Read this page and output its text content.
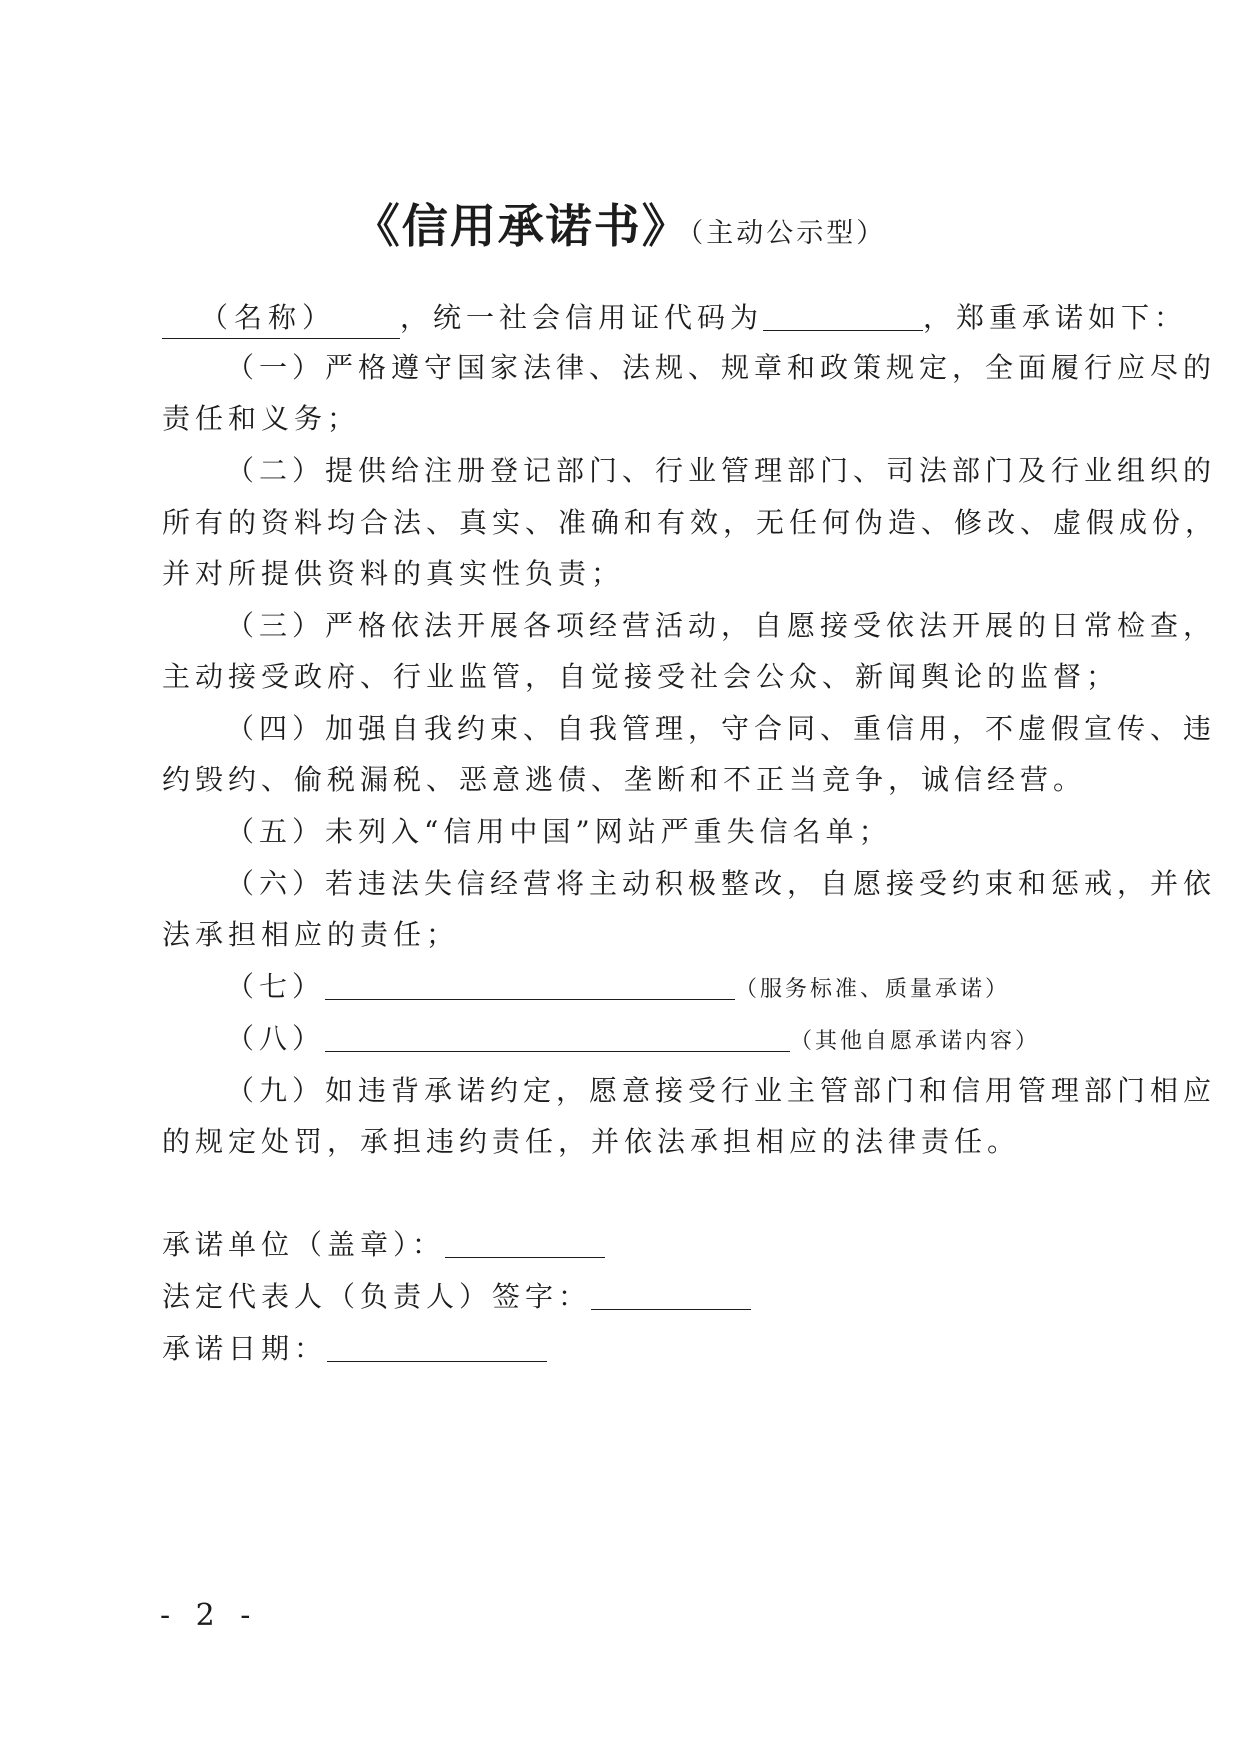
《信用承诺书》（主动公示型）
（名称） ，统一社会信用证代码为	，郑重承诺如下：
（一）严格遵守国家法律、法规、规章和政策规定，全面履行应尽的
责任和义务；
（二）提供给注册登记部门、行业管理部门、司法部门及行业组织的
所有的资料均合法、真实、准确和有效，无任何伪造、修改、虚假成份，
并对所提供资料的真实性负责；
（三）严格依法开展各项经营活动，自愿接受依法开展的日常检查，
主动接受政府、行业监管，自觉接受社会公众、新闻舆论的监督；
（四）加强自我约束、自我管理，守合同、重信用，不虚假宣传、违
约毁约、偷税漏税、恶意逃债、垄断和不正当竞争，诚信经营。
（五）未列入“信用中国”网站严重失信名单；
（六）若违法失信经营将主动积极整改，自愿接受约束和惩戒，并依
法承担相应的责任；
（七）	（服务标准、质量承诺）
（八）	（其他自愿承诺内容）
（九）如违背承诺约定，愿意接受行业主管部门和信用管理部门相应
的规定处罚，承担违约责任，并依法承担相应的法律责任。
承诺单位（盖章）：
法定代表人（负责人）签字：
承诺日期：
- 2 -
